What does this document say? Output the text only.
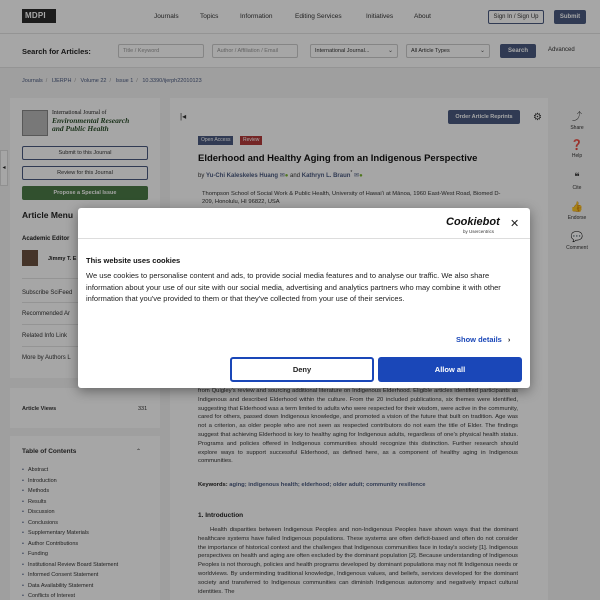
MDPI	Journals	Topics	Information	Editing Services	Initiatives	About	Sign In / Sign Up	Submit
Search for Articles:	Title / Keyword	Author / Affiliation / Email	International Journal...	⌄	All Article Types	⌄	Search	Advanced
Journals / IJERPH / Volume 22 / Issue 1 / 10.3390/ijerph22010123
◂
International Journal of
Environmental Research
and Public Health
Submit to this Journal
Review for this Journal
Propose a Special Issue
Article Menu
Academic Editor
Jimmy T. E
Subscribe SciFeed
Recommended Ar
Related Info Link
More by Authors L
Article Views	331
Table of Contents	⌃
• Abstract
• Introduction
• Methods
• Results
• Discussion
• Conclusions
• Supplementary Materials
• Author Contributions
• Funding
• Institutional Review Board Statement
• Informed Consent Statement
• Data Availability Statement
• Conflicts of Interest
|◂	Order Article Reprints	⚙
Open Access	Review
Elderhood and Healthy Aging from an Indigenous Perspective
by Yu-Chi Kaleskeles Huang ✉● and Kathryn L. Braun* ✉●
Thompson School of Social Work & Public Health, University of Hawaiʻi at Mānoa, 1960 East-West Road, Biomed D-209, Honolulu, HI 96822, USA
from Quigley's review and sourcing additional literature on Indigenous Elderhood. Eligible articles identified participants as Indigenous and described Elderhood within the culture. From the 20 included publications, six themes were identified, suggesting that Elderhood was a term limited to adults who were respected for their wisdom, were active in the community, cared for others, passed down Indigenous knowledge, and promoted a vision of the future that built on tradition. Age was not a criterion, as older people who are not seen as respected contributors do not earn the title of Elder. The findings suggest that achieving Elderhood is key to healthy aging for Indigenous adults, regardless of one's physical health status. Programs and policies offered in Indigenous communities should recognize this distinction. Further research should explore ways to support successful Elderhood, as defined here, as a component of healthy aging in Indigenous communities.
Keywords: aging; indigenous health; elderhood; older adult; community resilience
1. Introduction
Health disparities between Indigenous Peoples and non-Indigenous Peoples have shown ways that the dominant healthcare systems have failed Indigenous populations. These systems are often deficit-based and often do not consider the importance of historical context and the challenges that Indigenous communities face in today's society [1]. Indigenous perspectives on health and aging are often excluded by the dominant population [2]. Because understanding of Indigenous Peoples is not thorough, policies and health programs developed by dominant populations may not fit Indigenous needs or worldviews. By underminding traditional knowledge, Indigenous values, and beliefs, services developed for the dominant society and transferred to Indigenous communities can diminish Indigenous autonomy and negatively impact cultural identities. The
⤴
Share
❓
Help
❝
Cite
👍
Endorse
💬
Comment
Cookiebot
by Usercentrics
✕
This website uses cookies
We use cookies to personalise content and ads, to provide social media features and to analyse our traffic. We also share information about your use of our site with our social media, advertising and analytics partners who may combine it with other information that you've provided to them or that they've collected from your use of their services.
Show details ›
Deny	Allow all
